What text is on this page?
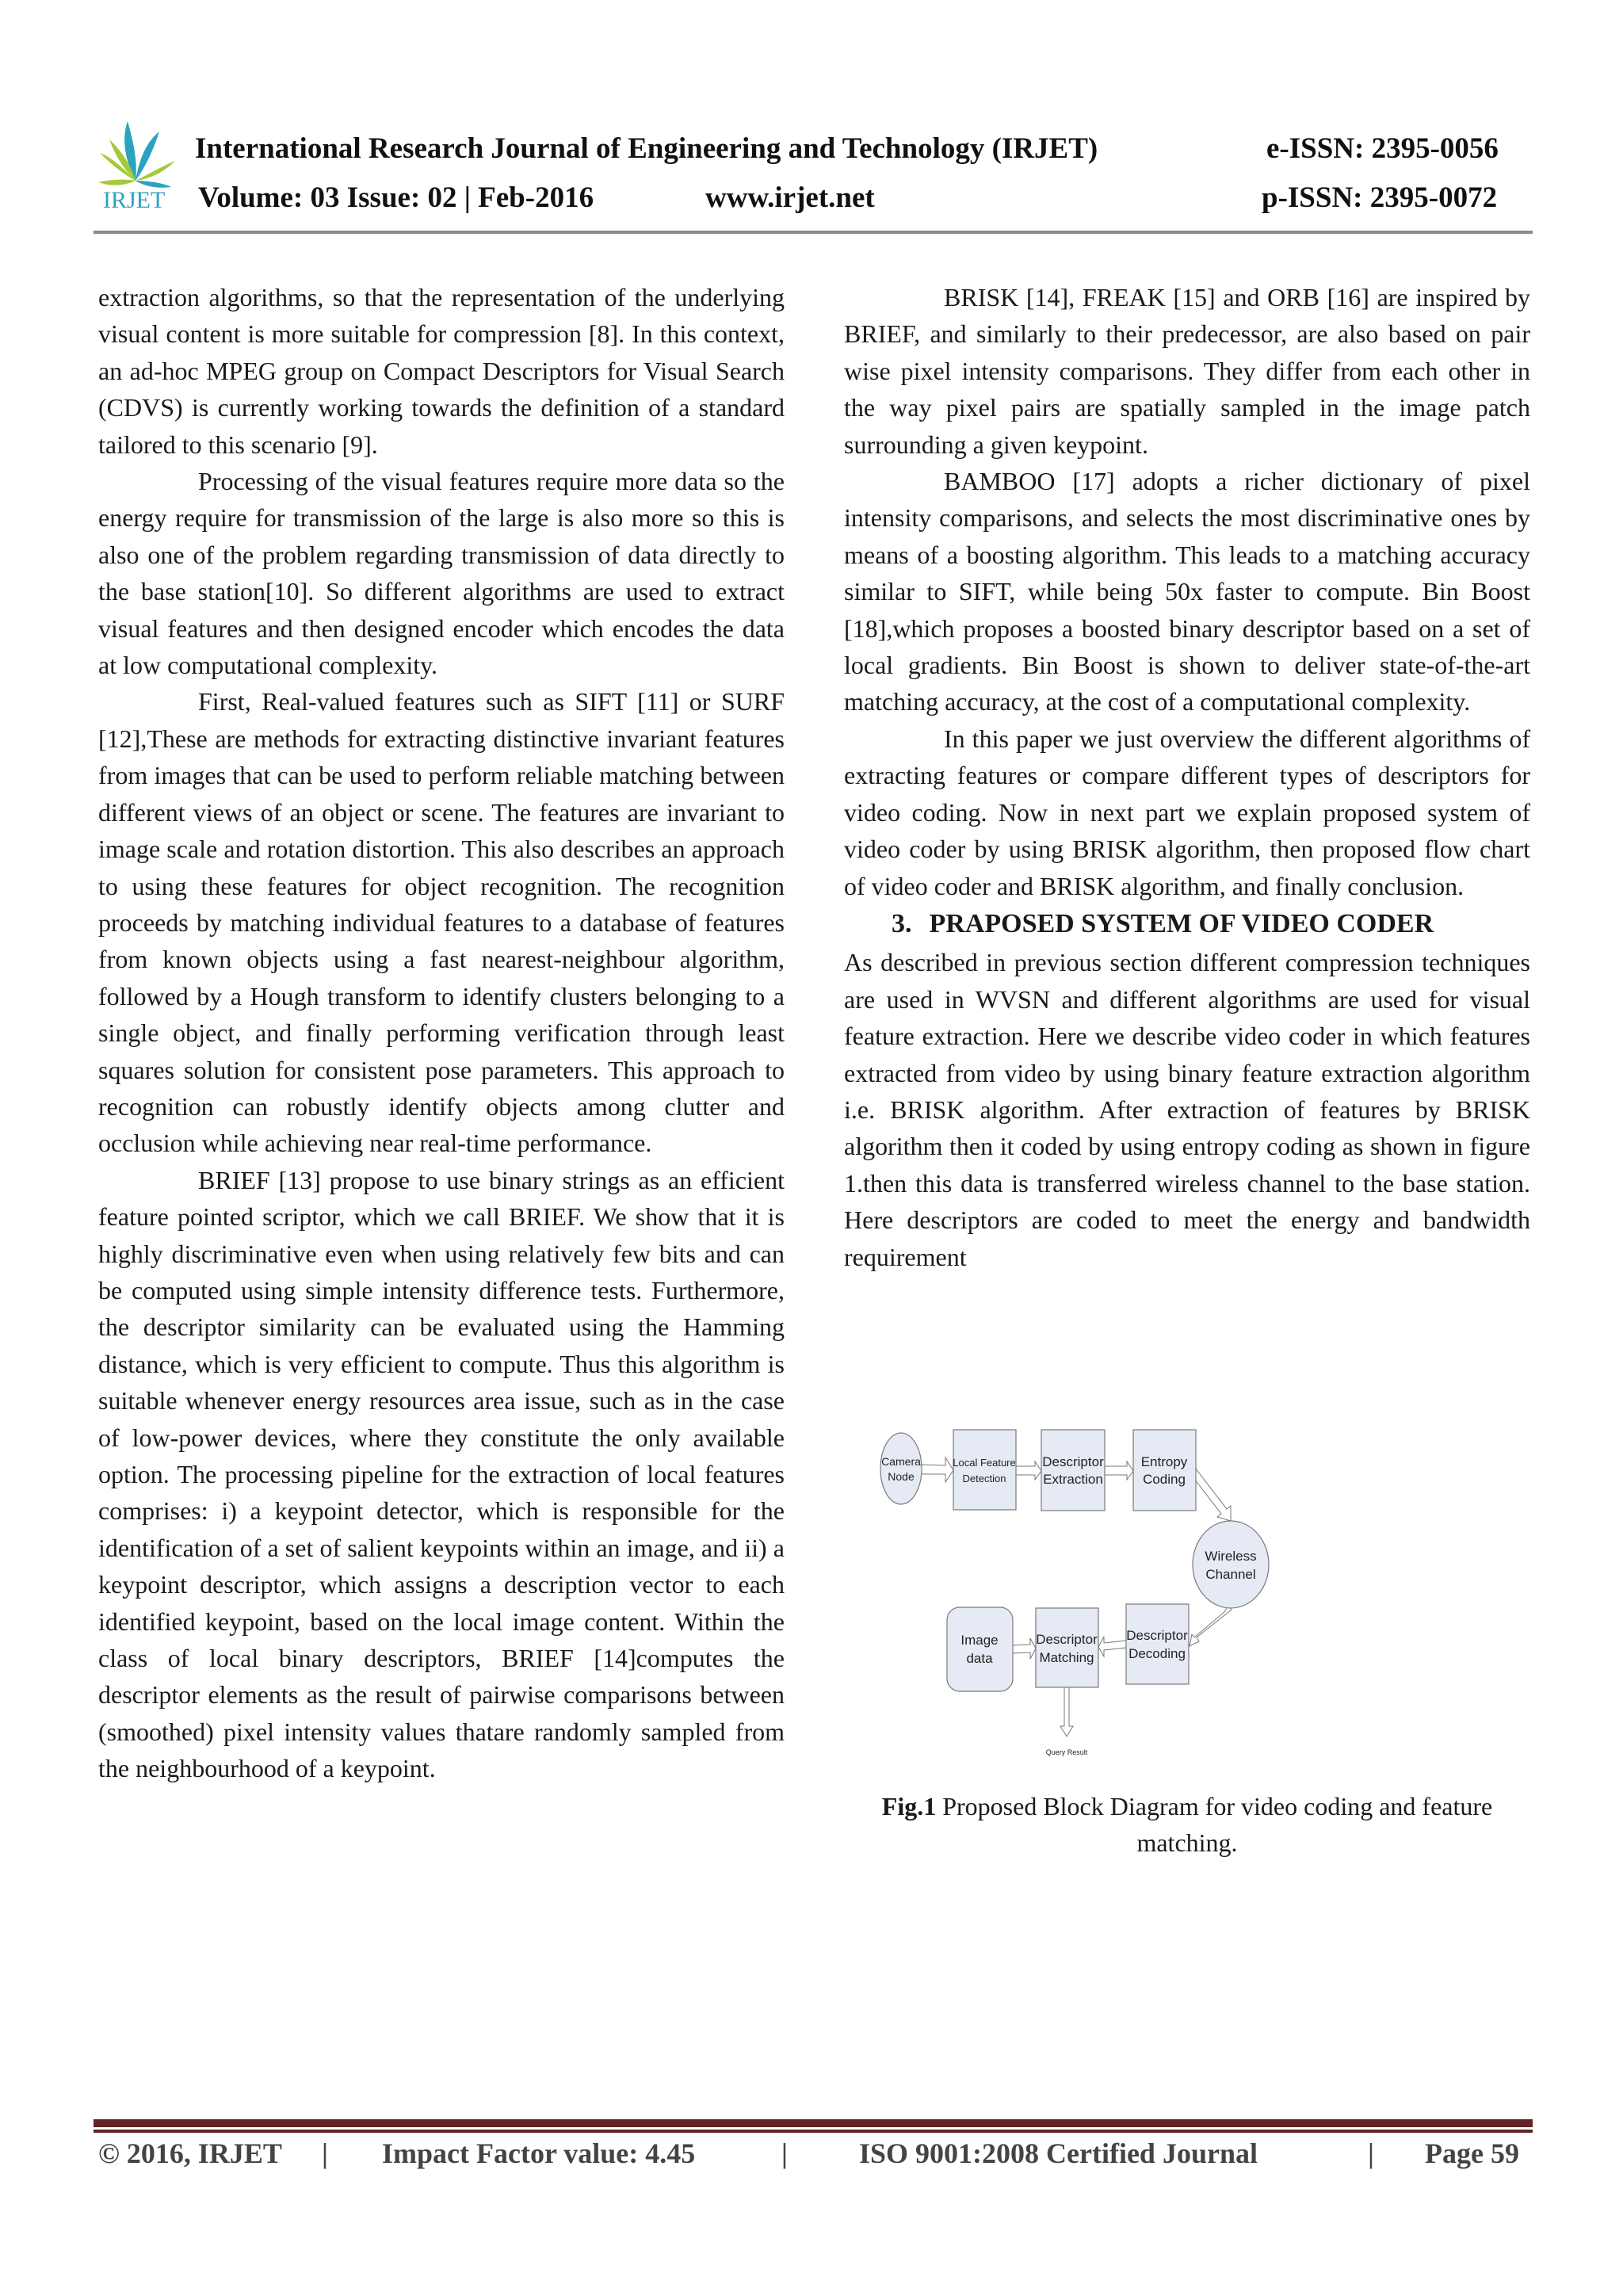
IRJET
International Research Journal of Engineering and Technology (IRJET)	e-ISSN: 2395-0056
Volume: 03 Issue: 02 | Feb-2016	www.irjet.net	p-ISSN: 2395-0072

extraction algorithms, so that the representation of the underlying visual content is more suitable for compression [8]. In this context, an ad-hoc MPEG group on Compact Descriptors for Visual Search (CDVS) is currently working towards the definition of a standard tailored to this scenario [9].

Processing of the visual features require more data so the energy require for transmission of the large is also more so this is also one of the problem regarding transmission of data directly to the base station[10]. So different algorithms are used to extract visual features and then designed encoder which encodes the data at low computational complexity.

First, Real-valued features such as SIFT [11] or SURF [12],These are methods for extracting distinctive invariant features from images that can be used to perform reliable matching between different views of an object or scene. The features are invariant to image scale and rotation distortion. This also describes an approach to using these features for object recognition. The recognition proceeds by matching individual features to a database of features from known objects using a fast nearest-neighbour algorithm, followed by a Hough transform to identify clusters belonging to a single object, and finally performing verification through least squares solution for consistent pose parameters. This approach to recognition can robustly identify objects among clutter and occlusion while achieving near real-time performance.

BRIEF [13] propose to use binary strings as an efficient feature pointed scriptor, which we call BRIEF. We show that it is highly discriminative even when using relatively few bits and can be computed using simple intensity difference tests. Furthermore, the descriptor similarity can be evaluated using the Hamming distance, which is very efficient to compute. Thus this algorithm is suitable whenever energy resources area issue, such as in the case of low-power devices, where they constitute the only available option. The processing pipeline for the extraction of local features comprises: i) a keypoint detector, which is responsible for the identification of a set of salient keypoints within an image, and ii) a keypoint descriptor, which assigns a description vector to each identified keypoint, based on the local image content. Within the class of local binary descriptors, BRIEF [14]computes the descriptor elements as the result of pairwise comparisons between (smoothed) pixel intensity values thatare randomly sampled from the neighbourhood of a keypoint.

BRISK [14], FREAK [15] and ORB [16] are inspired by BRIEF, and similarly to their predecessor, are also based on pair wise pixel intensity comparisons. They differ from each other in the way pixel pairs are spatially sampled in the image patch surrounding a given keypoint.

BAMBOO [17] adopts a richer dictionary of pixel intensity comparisons, and selects the most discriminative ones by means of a boosting algorithm. This leads to a matching accuracy similar to SIFT, while being 50x faster to compute. Bin Boost [18],which proposes a boosted binary descriptor based on a set of local gradients. Bin Boost is shown to deliver state-of-the-art matching accuracy, at the cost of a computational complexity.

In this paper we just overview the different algorithms of extracting features or compare different types of descriptors for video coding. Now in next part we explain proposed system of video coder by using BRISK algorithm, then proposed flow chart of video coder and BRISK algorithm, and finally conclusion.

3. PRAPOSED SYSTEM OF VIDEO CODER

As described in previous section different compression techniques are used in WVSN and different algorithms are used for visual feature extraction. Here we describe video coder in which features extracted from video by using binary feature extraction algorithm i.e. BRISK algorithm. After extraction of features by BRISK algorithm then it coded by using entropy coding as shown in figure 1.then this data is transferred wireless channel to the base station. Here descriptors are coded to meet the energy and bandwidth requirement

Camera
Node
Local Feature
Detection
Descriptor
Extraction
Entropy
Coding
Wireless
Channel
Descriptor
Decoding
Descriptor
Matching
Image
data
Query Result
Fig.1 Proposed Block Diagram for video coding and feature matching.
© 2016, IRJET | Impact Factor value: 4.45	|	ISO 9001:2008 Certified Journal	| Page 59
